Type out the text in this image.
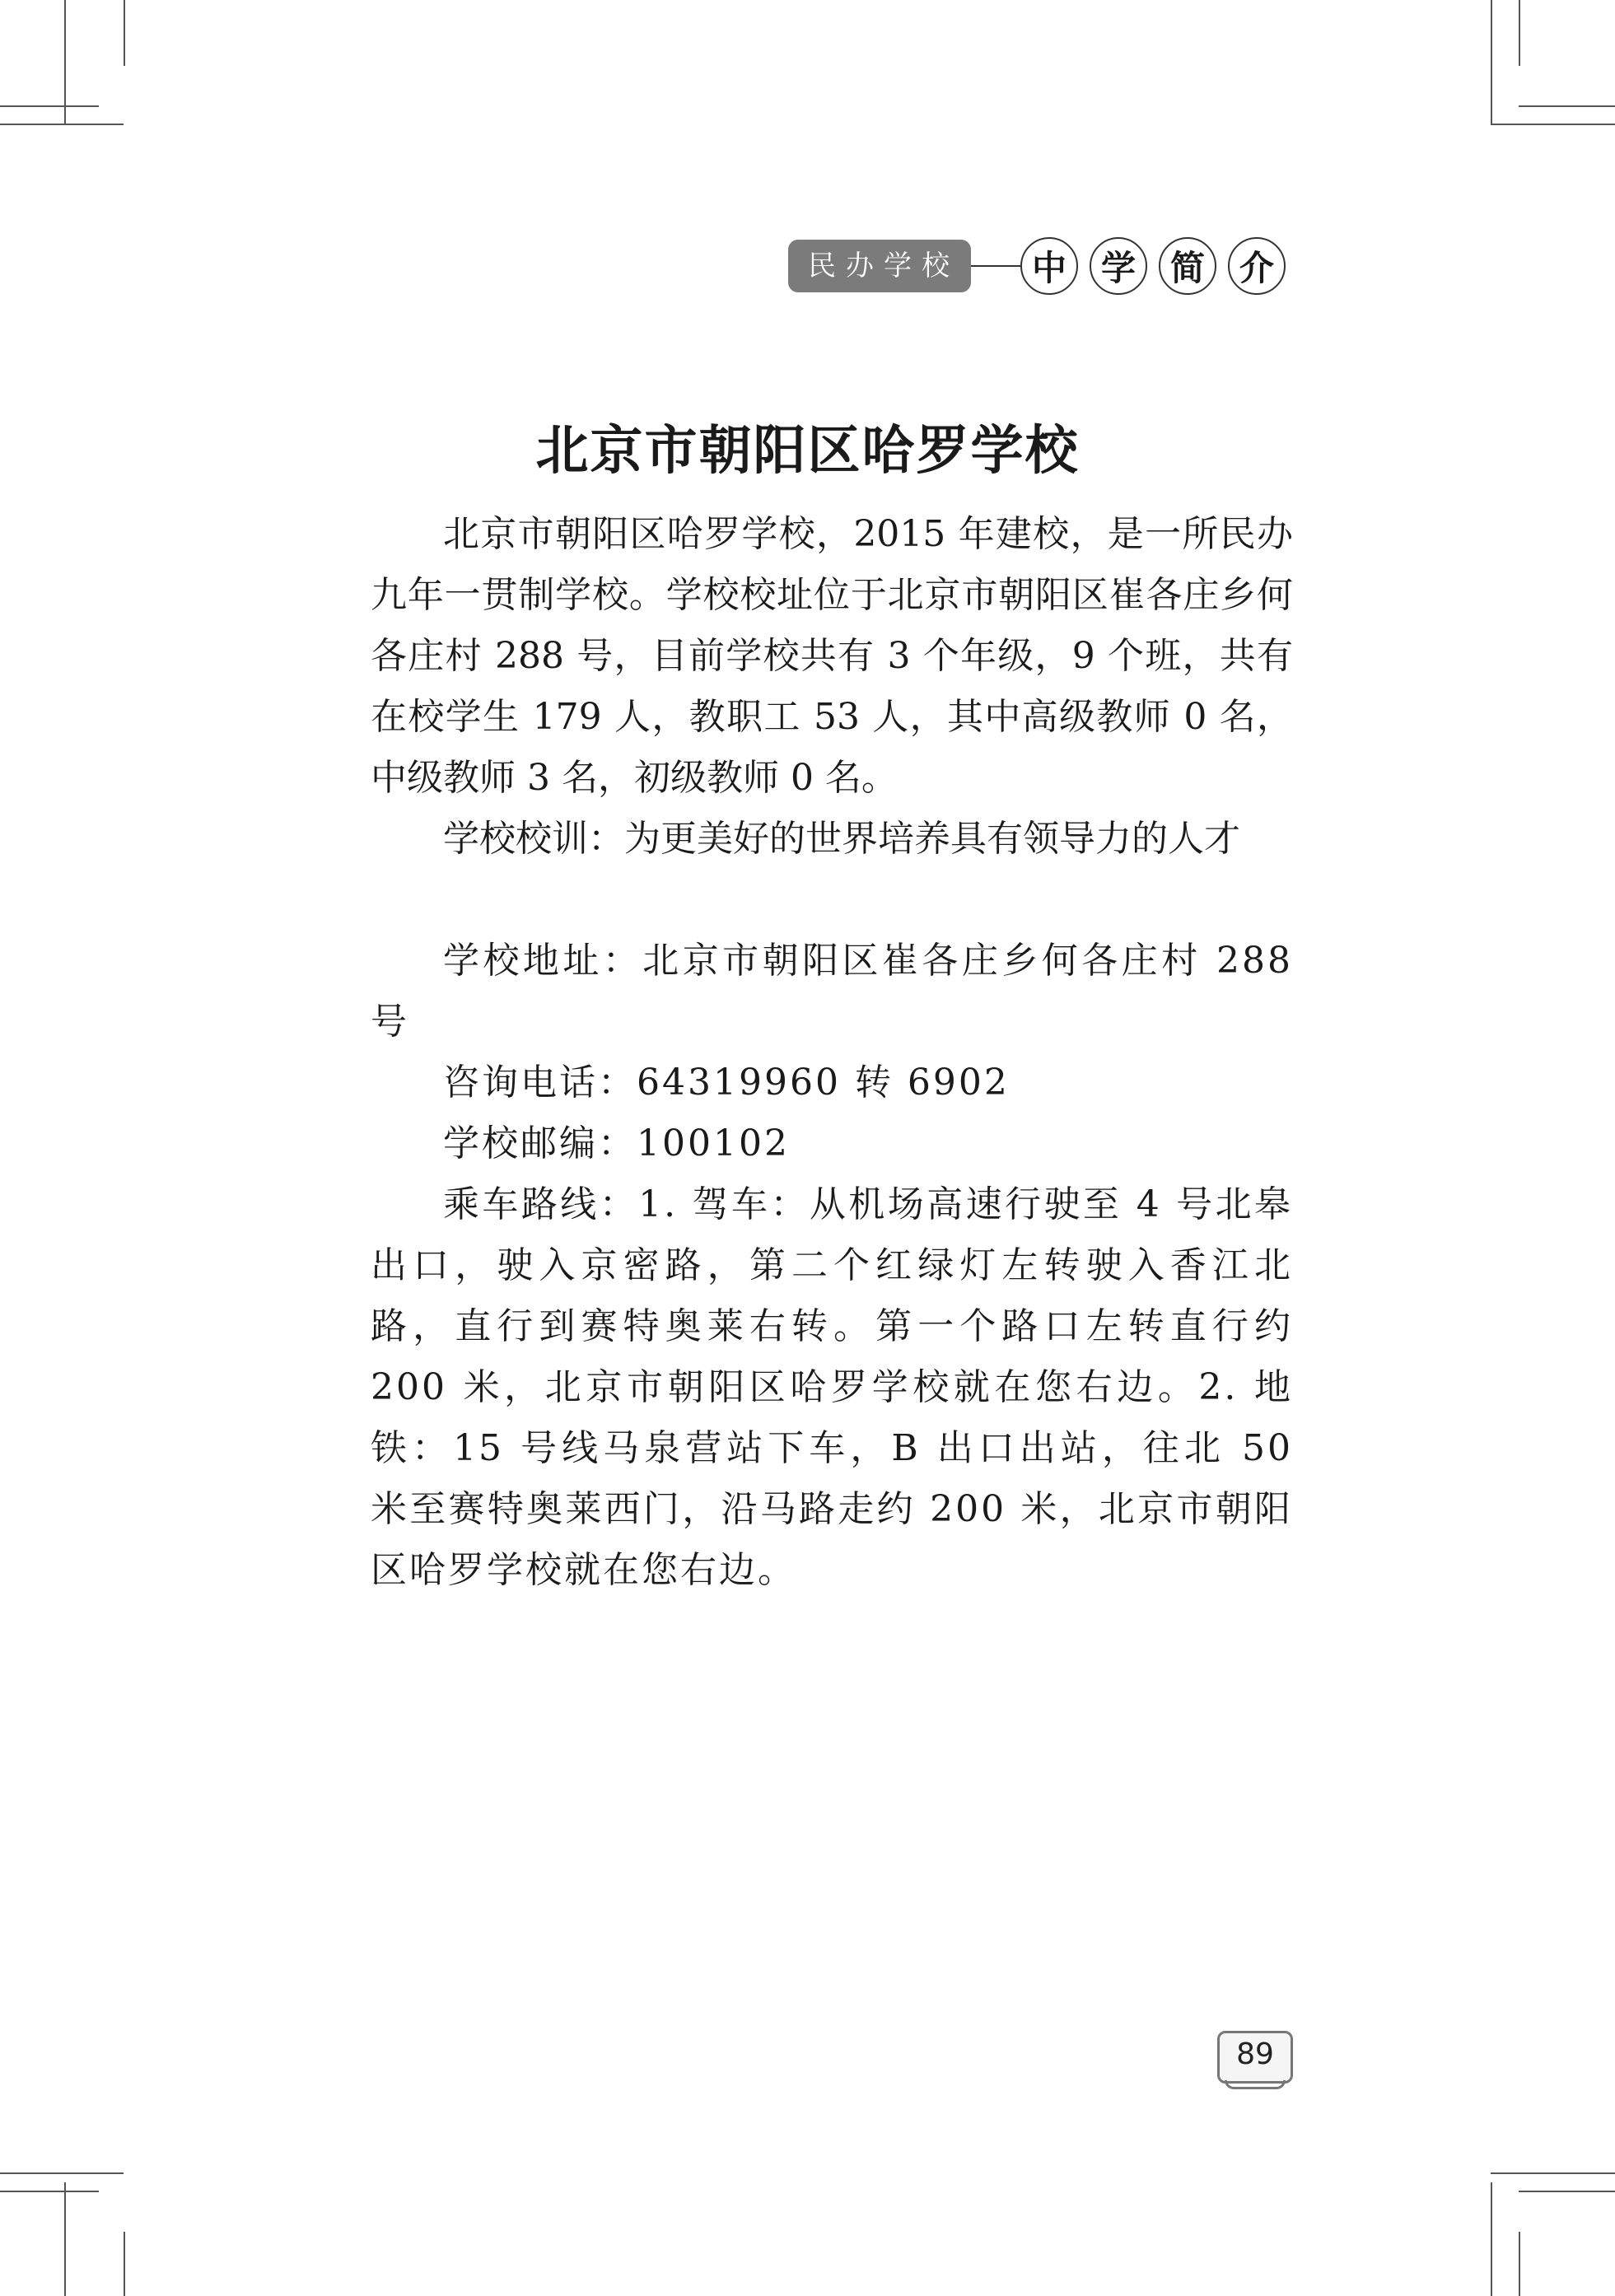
民办学校	中 学 简 介
北京市朝阳区哈罗学校

北京市朝阳区哈罗学校，2015 年建校，是一所民办九年一贯制学校。学校校址位于北京市朝阳区崔各庄乡何各庄村 288 号，目前学校共有 3 个年级，9 个班，共有在校学生 179 人，教职工 53 人，其中高级教师 0 名，中级教师 3 名，初级教师 0 名。

学校校训：为更美好的世界培养具有领导力的人才

学校地址：北京市朝阳区崔各庄乡何各庄村 288 号

咨询电话：64319960 转 6902

学校邮编：100102

乘车路线：1. 驾车：从机场高速行驶至 4 号北皋出口，驶入京密路，第二个红绿灯左转驶入香江北路，直行到赛特奥莱右转。第一个路口左转直行约 200 米，北京市朝阳区哈罗学校就在您右边。2. 地铁：15 号线马泉营站下车，B 出口出站，往北 50 米至赛特奥莱西门，沿马路走约 200 米，北京市朝阳区哈罗学校就在您右边。

89
